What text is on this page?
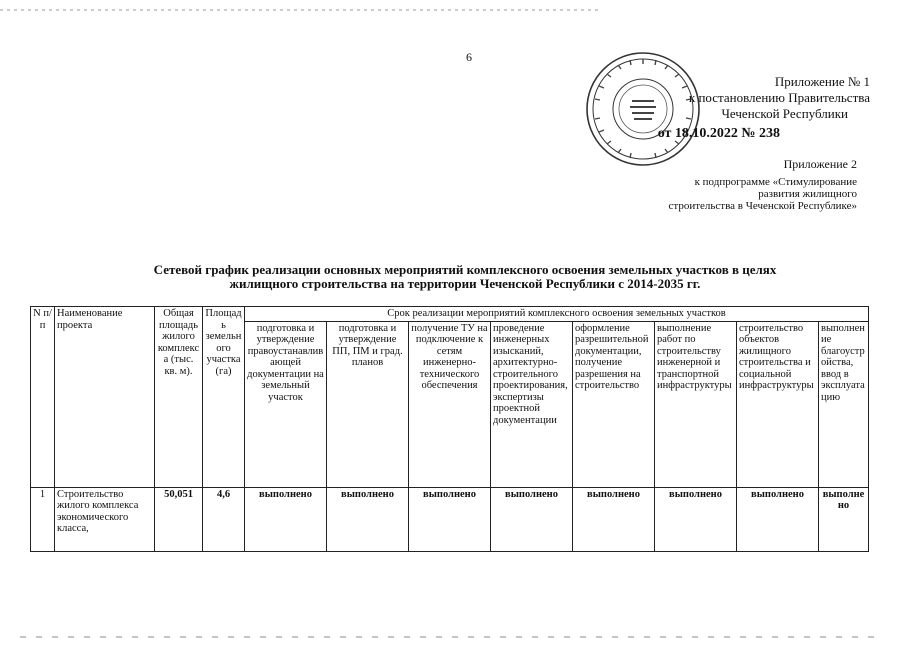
6
Приложение № 1
к постановлению Правительства
Чеченской Республики
от 18.10.2022 № 238
Приложение 2
к подпрограмме «Стимулирование
развития жилищного
строительства в Чеченской Республике»
Сетевой график реализации основных мероприятий комплексного освоения земельных участков в целях
жилищного строительства на территории Чеченской Республики с 2014-2035 гг.
N п/п	Наименование проекта	Общая площадь жилого комплекса (тыс. кв. м).	Площадь земельного участка (га)	Срок реализации мероприятий комплексного освоения земельных участков							
				подготовка и утверждение правоустанавливающей документации на земельный участок	подготовка и утверждение ПП, ПМ и град. планов	получение ТУ на подключение к сетям инженерно-технического обеспечения	проведение инженерных изысканий, архитектурно-строительного проектирования, экспертизы проектной документации	оформление разрешительной документации, получение разрешения на строительство	выполнение работ по строительству инженерной и транспортной инфраструктуры	строительство объектов жилищного строительства и социальной инфраструктуры	выполнение благоустройства, ввод в эксплуатацию
1	Строительство жилого комплекса экономического класса,	50,051	4,6	выполнено	выполнено	выполнено	выполнено	выполнено	выполнено	выполнено	выполнено
